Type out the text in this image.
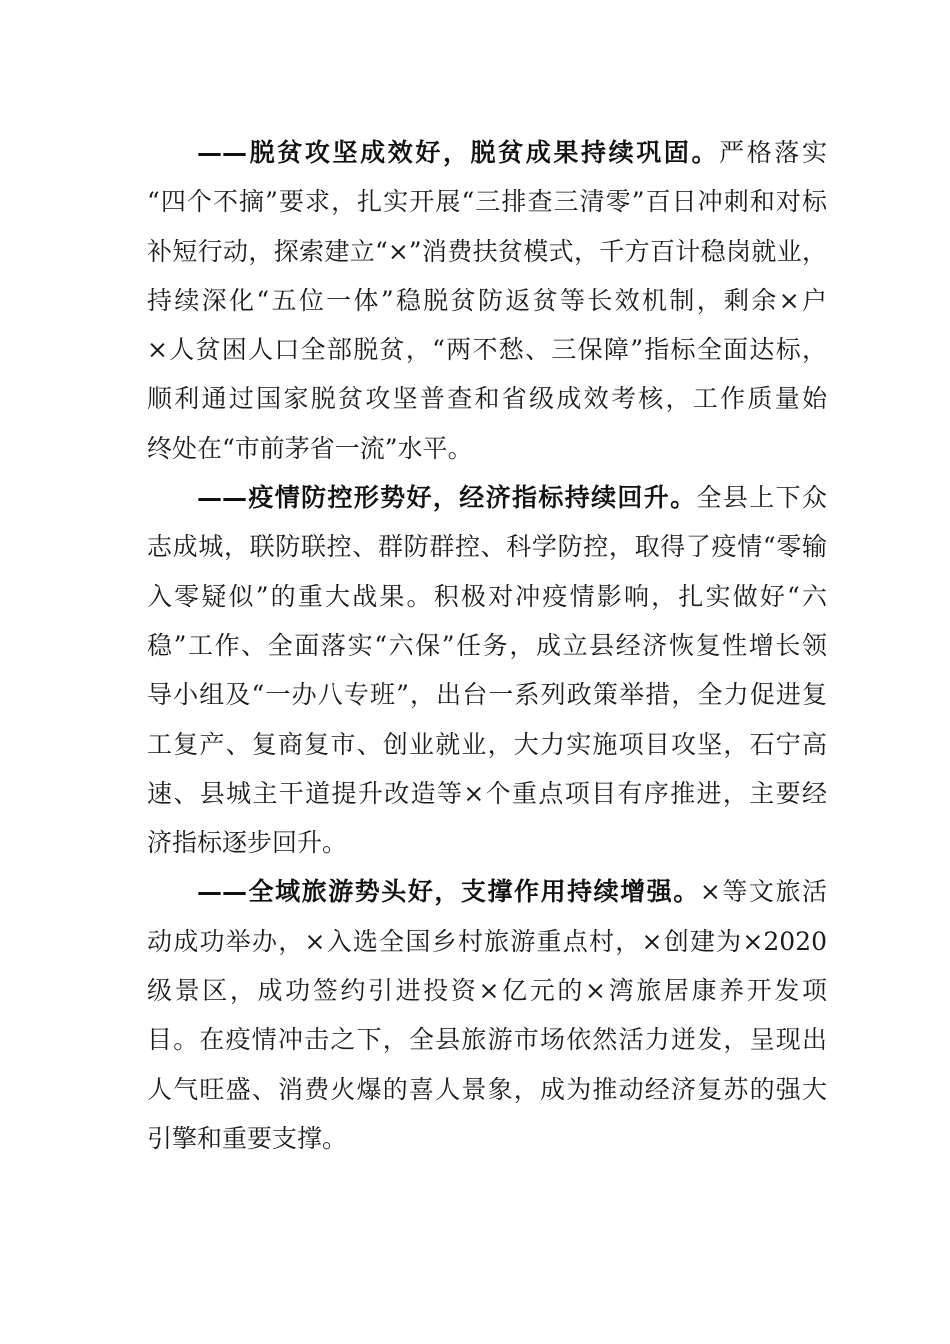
——脱贫攻坚成效好，脱贫成果持续巩固。严格落实
“四个不摘”要求，扎实开展“三排查三清零”百日冲刺和对标
补短行动，探索建立“×”消费扶贫模式，千方百计稳岗就业，
持续深化“五位一体”稳脱贫防返贫等长效机制，剩余×户
×人贫困人口全部脱贫，“两不愁、三保障”指标全面达标，
顺利通过国家脱贫攻坚普查和省级成效考核，工作质量始
终处在“市前茅省一流”水平。
——疫情防控形势好，经济指标持续回升。全县上下众
志成城，联防联控、群防群控、科学防控，取得了疫情“零输
入零疑似”的重大战果。积极对冲疫情影响，扎实做好“六
稳”工作、全面落实“六保”任务，成立县经济恢复性增长领
导小组及“一办八专班”，出台一系列政策举措，全力促进复
工复产、复商复市、创业就业，大力实施项目攻坚，石宁高
速、县城主干道提升改造等×个重点项目有序推进，主要经
济指标逐步回升。
——全域旅游势头好，支撑作用持续增强。×等文旅活
动成功举办，×入选全国乡村旅游重点村，×创建为×2020
级景区，成功签约引进投资×亿元的×湾旅居康养开发项
目。在疫情冲击之下，全县旅游市场依然活力迸发，呈现出
人气旺盛、消费火爆的喜人景象，成为推动经济复苏的强大
引擎和重要支撑。
